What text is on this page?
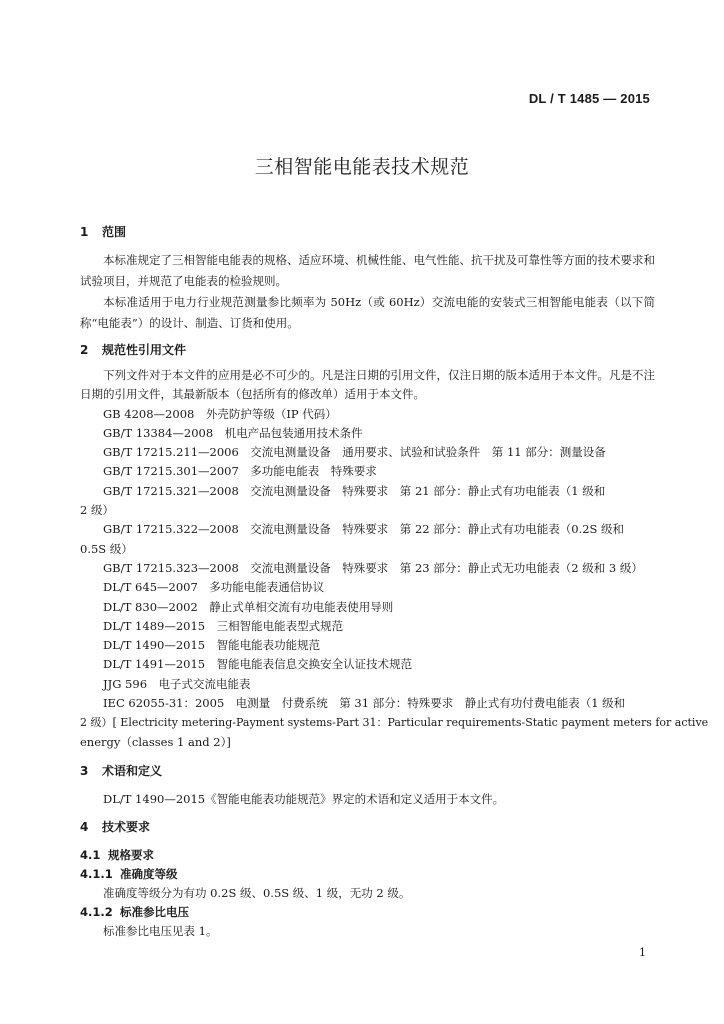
DL / T 1485 — 2015
三相智能电能表技术规范
1 范围

本标准规定了三相智能电能表的规格、适应环境、机械性能、电气性能、抗干扰及可靠性等方面的技术要求和试验项目，并规范了电能表的检验规则。

本标准适用于电力行业规范测量参比频率为 50Hz（或 60Hz）交流电能的安装式三相智能电能表（以下简称“电能表”）的设计、制造、订货和使用。

2 规范性引用文件

下列文件对于本文件的应用是必不可少的。凡是注日期的引用文件，仅注日期的版本适用于本文件。凡是不注日期的引用文件，其最新版本（包括所有的修改单）适用于本文件。

GB 4208—2008　外壳防护等级（IP 代码）

GB/T 13384—2008　机电产品包装通用技术条件

GB/T 17215.211—2006　交流电测量设备　通用要求、试验和试验条件　第 11 部分：测量设备

GB/T 17215.301—2007　多功能电能表　特殊要求

GB/T 17215.321—2008　交流电测量设备　特殊要求　第 21 部分：静止式有功电能表（1 级和

2 级）

GB/T 17215.322—2008　交流电测量设备　特殊要求　第 22 部分：静止式有功电能表（0.2S 级和

0.5S 级）

GB/T 17215.323—2008　交流电测量设备　特殊要求　第 23 部分：静止式无功电能表（2 级和 3 级）

DL/T 645—2007　多功能电能表通信协议

DL/T 830—2002　静止式单相交流有功电能表使用导则

DL/T 1489—2015　三相智能电能表型式规范

DL/T 1490—2015　智能电能表功能规范

DL/T 1491—2015　智能电能表信息交换安全认证技术规范

JJG 596　电子式交流电能表

IEC 62055-31：2005　电测量　付费系统　第 31 部分：特殊要求　静止式有功付费电能表（1 级和

2 级）[ Electricity metering-Payment systems-Part 31：Particular requirements-Static payment meters for active

energy（classes 1 and 2）]

3 术语和定义

DL/T 1490—2015《智能电能表功能规范》界定的术语和定义适用于本文件。

4 技术要求
4.1 规格要求
4.1.1 准确度等级

准确度等级分为有功 0.2S 级、0.5S 级、1 级，无功 2 级。

4.1.2 标准参比电压

标准参比电压见表 1。

1
